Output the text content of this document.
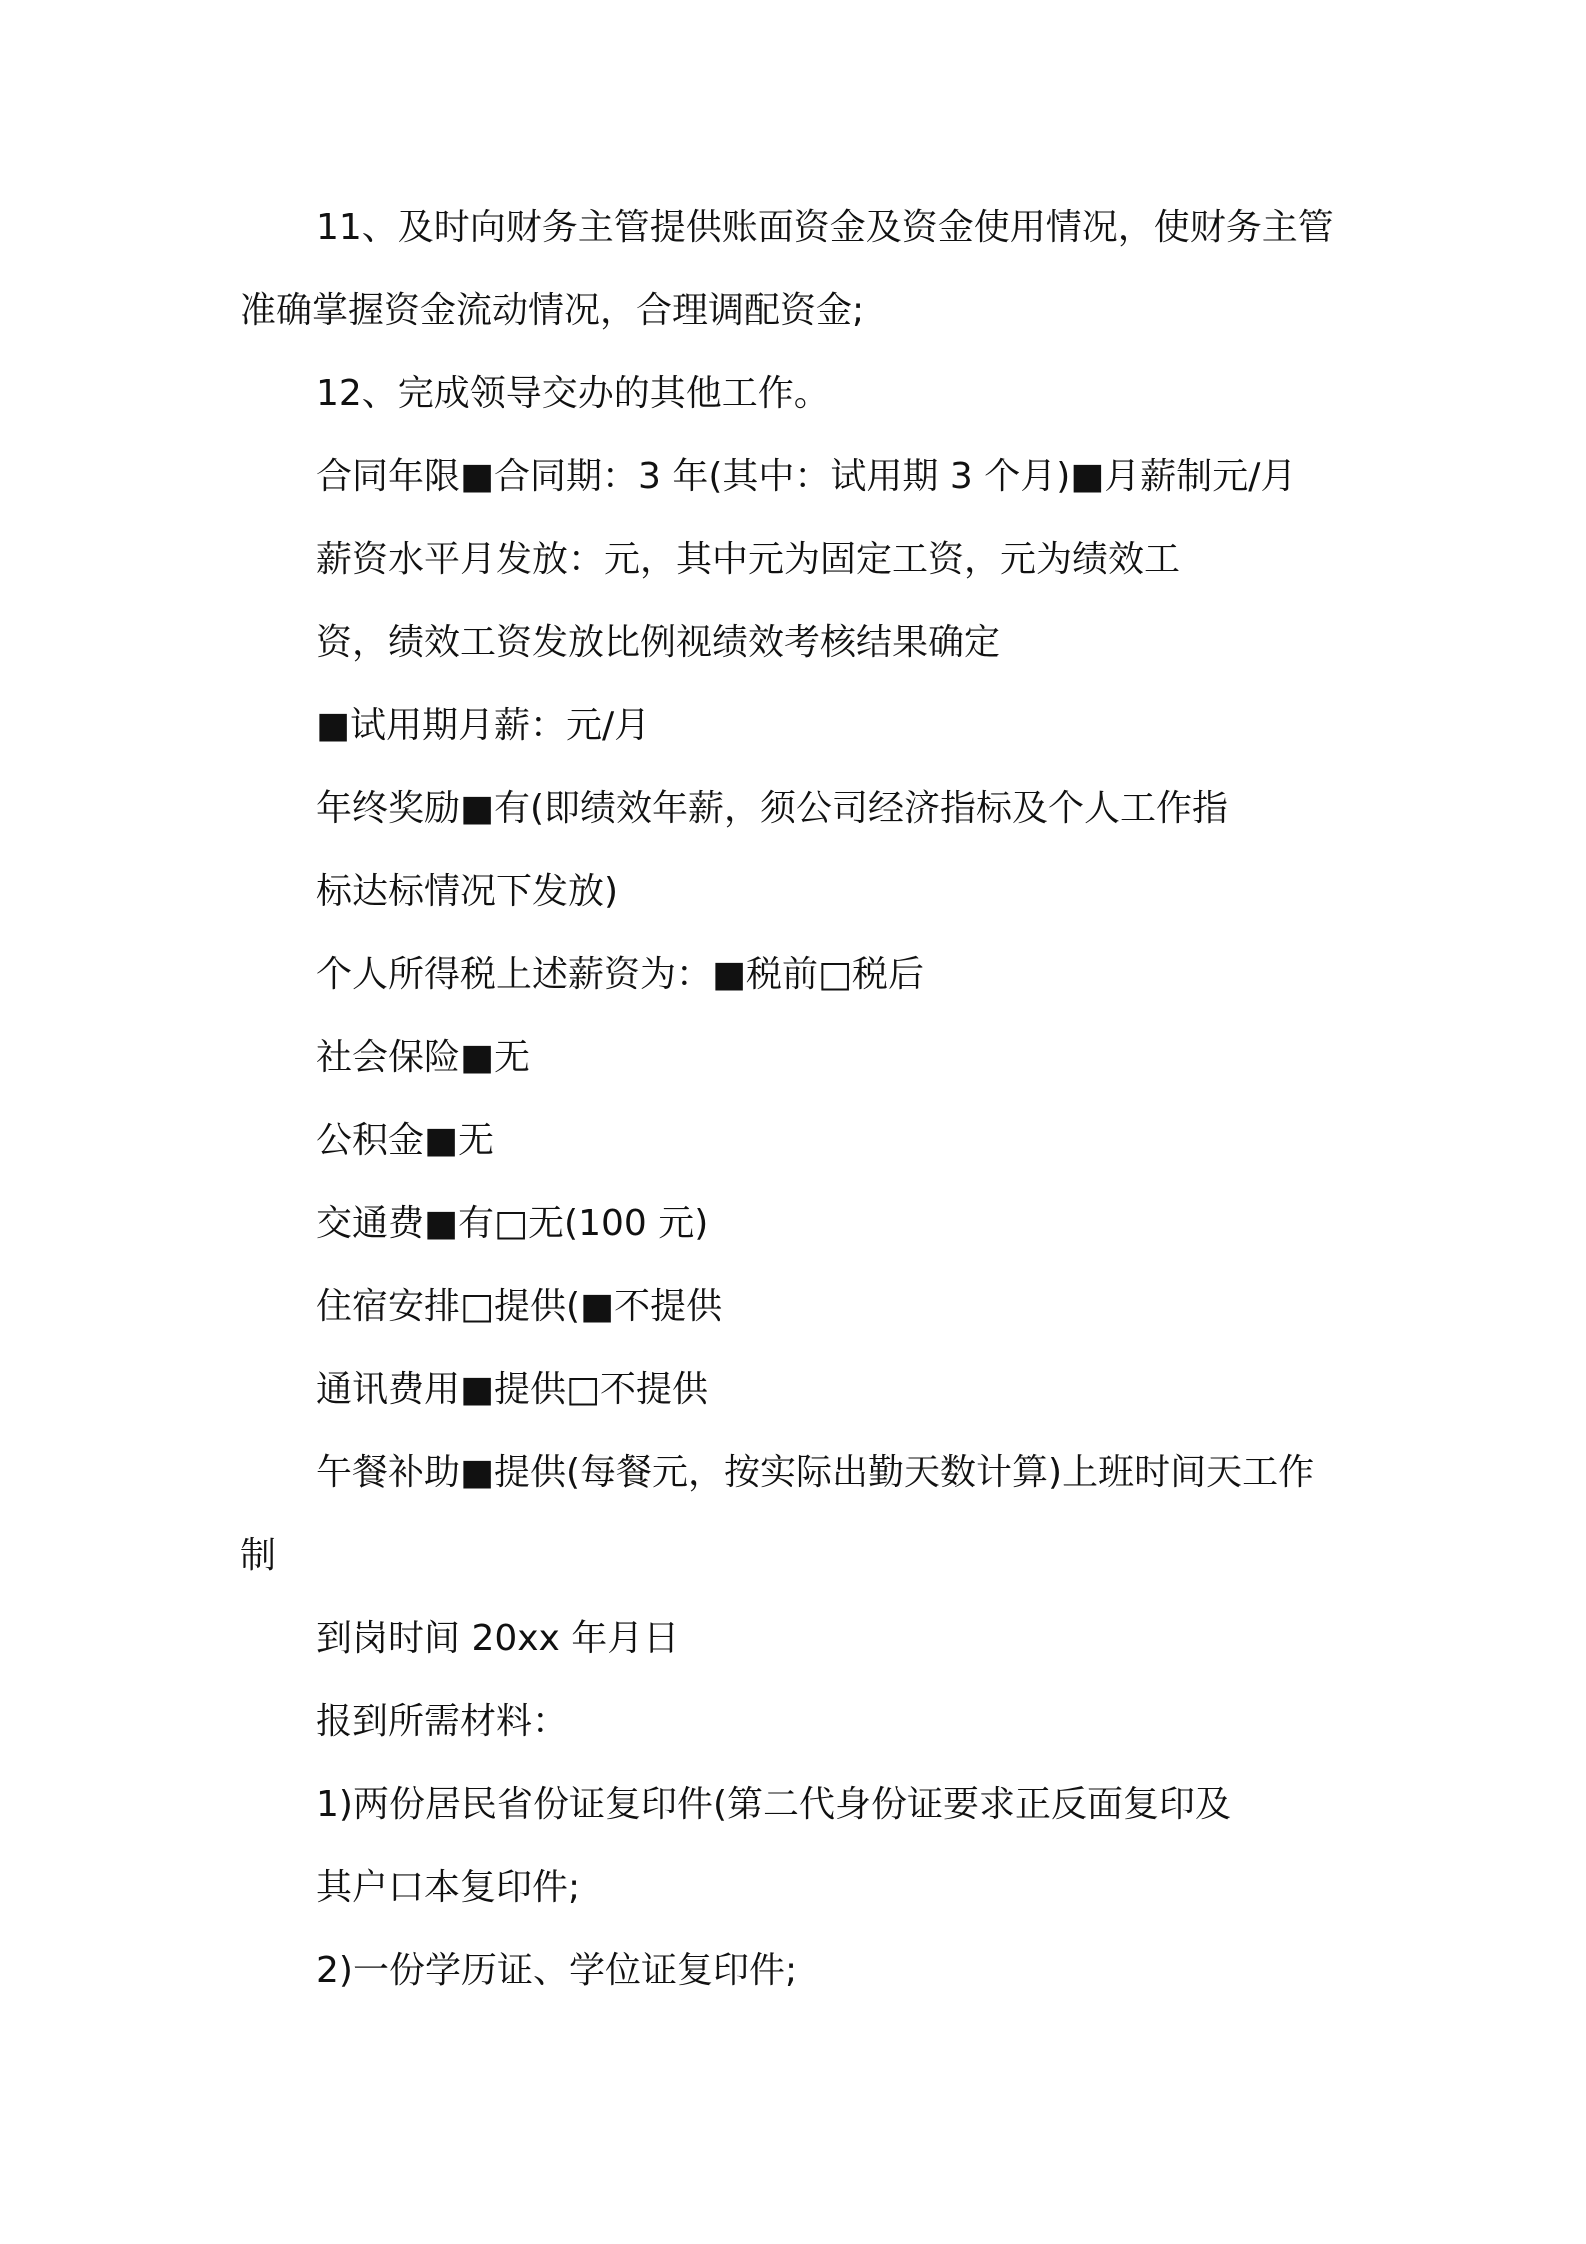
11、及时向财务主管提供账面资金及资金使用情况，使财务主管
准确掌握资金流动情况，合理调配资金;
12、完成领导交办的其他工作。
合同年限■合同期：3 年(其中：试用期 3 个月)■月薪制元/月
薪资水平月发放：元，其中元为固定工资，元为绩效工
资，绩效工资发放比例视绩效考核结果确定
■试用期月薪：元/月
年终奖励■有(即绩效年薪，须公司经济指标及个人工作指
标达标情况下发放)
个人所得税上述薪资为：■税前□税后
社会保险■无
公积金■无
交通费■有□无(100 元)
住宿安排□提供(■不提供
通讯费用■提供□不提供
午餐补助■提供(每餐元，按实际出勤天数计算)上班时间天工作
制
到岗时间 20xx 年月日
报到所需材料：
1)两份居民省份证复印件(第二代身份证要求正反面复印及
其户口本复印件;
2)一份学历证、学位证复印件;
